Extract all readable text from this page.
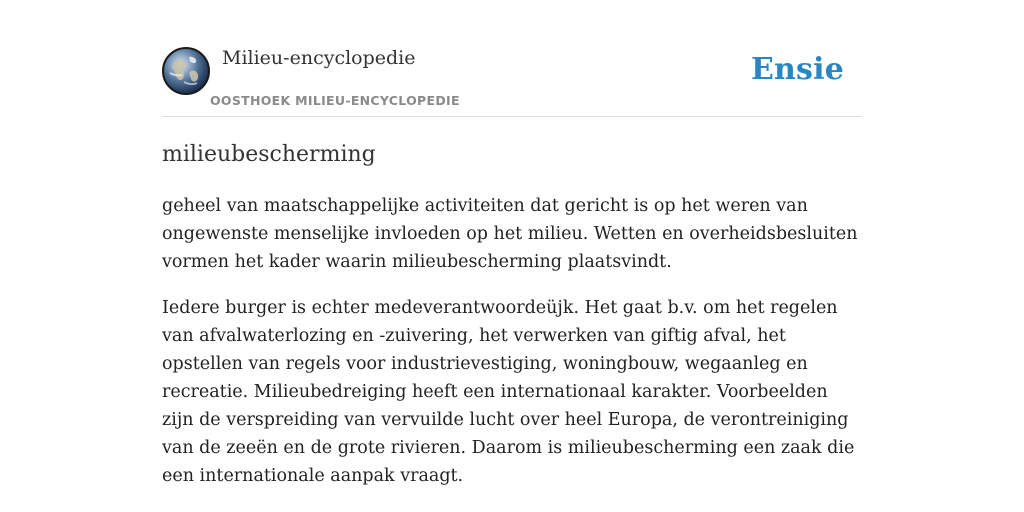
Milieu-encyclopedie
OOSTHOEK MILIEU-ENCYCLOPEDIE
Ensie
milieubescherming

geheel van maatschappelijke activiteiten dat gericht is op het weren van ongewenste menselijke invloeden op het milieu. Wetten en overheidsbesluiten vormen het kader waarin milieubescherming plaatsvindt.

Iedere burger is echter medeverantwoordeüjk. Het gaat b.v. om het regelen van afvalwaterlozing en -zuivering, het verwerken van giftig afval, het opstellen van regels voor industrievestiging, woningbouw, wegaanleg en recreatie. Milieubedreiging heeft een internationaal karakter. Voorbeelden zijn de verspreiding van vervuilde lucht over heel Europa, de verontreiniging van de zeeën en de grote rivieren. Daarom is milieubescherming een zaak die een internationale aanpak vraagt.
